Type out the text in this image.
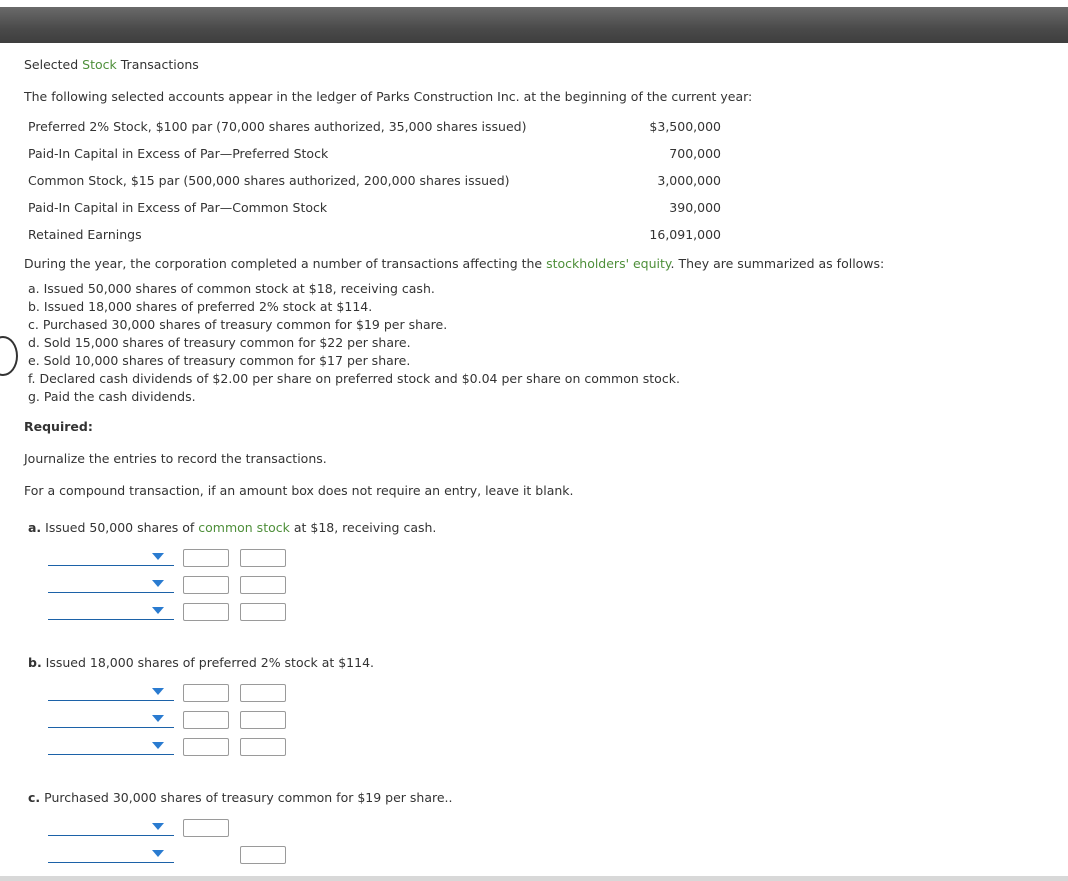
Selected Stock Transactions
The following selected accounts appear in the ledger of Parks Construction Inc. at the beginning of the current year:
Preferred 2% Stock, $100 par (70,000 shares authorized, 35,000 shares issued)	$3,500,000
Paid-In Capital in Excess of Par—Preferred Stock	700,000
Common Stock, $15 par (500,000 shares authorized, 200,000 shares issued)	3,000,000
Paid-In Capital in Excess of Par—Common Stock	390,000
Retained Earnings	16,091,000
During the year, the corporation completed a number of transactions affecting the stockholders' equity. They are summarized as follows:
a. Issued 50,000 shares of common stock at $18, receiving cash.
b. Issued 18,000 shares of preferred 2% stock at $114.
c. Purchased 30,000 shares of treasury common for $19 per share.
d. Sold 15,000 shares of treasury common for $22 per share.
e. Sold 10,000 shares of treasury common for $17 per share.
f. Declared cash dividends of $2.00 per share on preferred stock and $0.04 per share on common stock.
g. Paid the cash dividends.
Required:
Journalize the entries to record the transactions.
For a compound transaction, if an amount box does not require an entry, leave it blank.
a. Issued 50,000 shares of common stock at $18, receiving cash.
b. Issued 18,000 shares of preferred 2% stock at $114.
c. Purchased 30,000 shares of treasury common for $19 per share..
